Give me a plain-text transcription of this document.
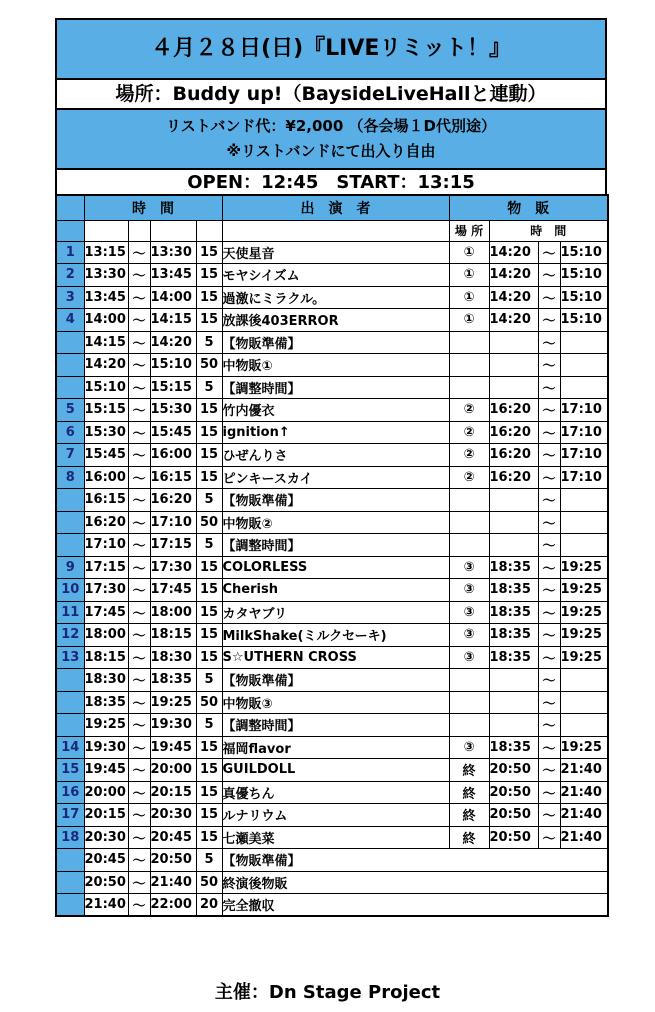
４月２８日(日)『LIVEリミット！』
場所：Buddy up!（BaysideLiveHallと連動）
リストバンド代：¥2,000 （各会場１D代別途）
※リストバンドにて出入り自由
OPEN：12:45　START：13:15
	時　間				出　演　者	物　販			
						場 所	時　間		
1	13:15	～	13:30	15	天使星音	①	14:20	～	15:10
2	13:30	～	13:45	15	モヤシイズム	①	14:20	～	15:10
3	13:45	～	14:00	15	過激にミラクル。	①	14:20	～	15:10
4	14:00	～	14:15	15	放課後403ERROR	①	14:20	～	15:10
	14:15	～	14:20	5	【物販準備】			～	
	14:20	～	15:10	50	中物販①			～	
	15:10	～	15:15	5	【調整時間】			～	
5	15:15	～	15:30	15	竹内優衣	②	16:20	～	17:10
6	15:30	～	15:45	15	ignition↑	②	16:20	～	17:10
7	15:45	～	16:00	15	ひぜんりさ	②	16:20	～	17:10
8	16:00	～	16:15	15	ピンキースカイ	②	16:20	～	17:10
	16:15	～	16:20	5	【物販準備】			～	
	16:20	～	17:10	50	中物販②			～	
	17:10	～	17:15	5	【調整時間】			～	
9	17:15	～	17:30	15	COLORLESS	③	18:35	～	19:25
10	17:30	～	17:45	15	Cherish	③	18:35	～	19:25
11	17:45	～	18:00	15	カタヤブリ	③	18:35	～	19:25
12	18:00	～	18:15	15	MilkShake(ミルクセーキ)	③	18:35	～	19:25
13	18:15	～	18:30	15	S☆UTHERN CROSS	③	18:35	～	19:25
	18:30	～	18:35	5	【物販準備】			～	
	18:35	～	19:25	50	中物販③			～	
	19:25	～	19:30	5	【調整時間】			～	
14	19:30	～	19:45	15	福岡flavor	③	18:35	～	19:25
15	19:45	～	20:00	15	GUILDOLL	終	20:50	～	21:40
16	20:00	～	20:15	15	真優ちん	終	20:50	～	21:40
17	20:15	～	20:30	15	ルナリウム	終	20:50	～	21:40
18	20:30	～	20:45	15	七瀬美菜	終	20:50	～	21:40
	20:45	～	20:50	5	【物販準備】				
	20:50	～	21:40	50	終演後物販				
	21:40	～	22:00	20	完全撤収				
主催：Dn Stage Project
